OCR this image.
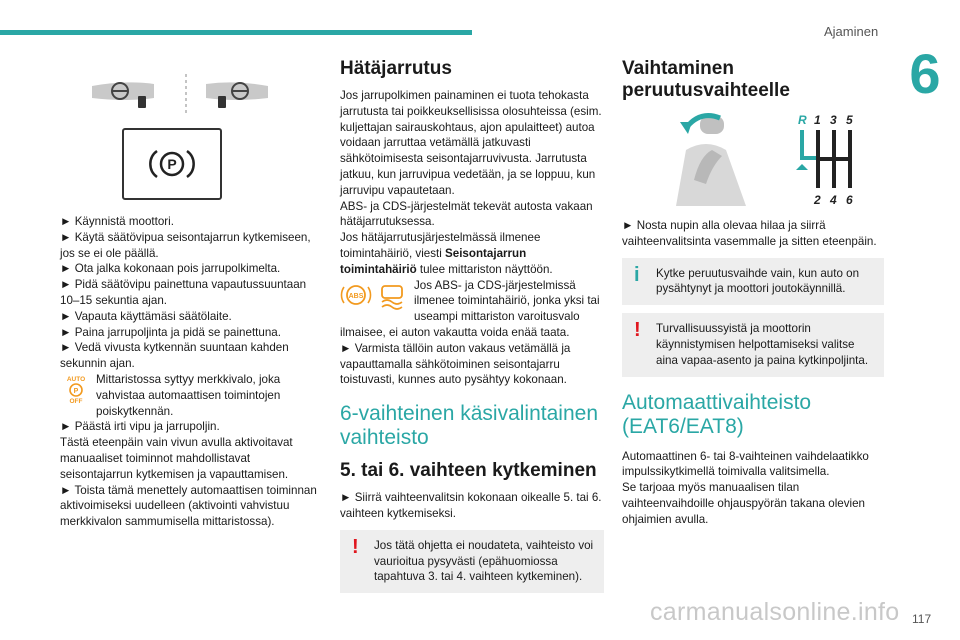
Ajaminen
6
P
► Käynnistä moottori.
► Käytä säätövipua seisontajarrun kytkemiseen, jos se ei ole päällä.
► Ota jalka kokonaan pois jarrupolkimelta.
► Pidä säätövipu painettuna vapautussuuntaan 10–15 sekuntia ajan.
► Vapauta käyttämäsi säätölaite.
► Paina jarrupoljinta ja pidä se painettuna.
► Vedä vivusta kytkennän suuntaan kahden sekunnin ajan.
AUTO
P
OFF
Mittaristossa syttyy merkkivalo, joka vahvistaa automaattisen toimintojen poiskytkennän.
► Päästä irti vipu ja jarrupoljin.
Tästä eteenpäin vain vivun avulla aktivoitavat manuaaliset toiminnot mahdollistavat seisontajarrun kytkemisen ja vapauttamisen.
► Toista tämä menettely automaattisen toiminnan aktivoimiseksi uudelleen (aktivointi vahvistuu merkkivalon sammumisella mittaristossa).
Hätäjarrutus
Jos jarrupolkimen painaminen ei tuota tehokasta jarrutusta tai poikkeuksellisissa olosuhteissa (esim. kuljettajan sairauskohtaus, ajon apulaitteet) autoa voidaan jarruttaa vetämällä jatkuvasti sähkötoimisesta seisontajarruvivusta. Jarrutusta jatkuu, kun jarruvipua vedetään, ja se loppuu, kun jarruvipu vapautetaan.
ABS- ja CDS-järjestelmät tekevät autosta vakaan hätäjarrutuksessa.
Jos hätäjarrutusjärjestelmässä ilmenee toimintahäiriö, viesti Seisontajarrun toimintahäiriö tulee mittariston näyttöön.
ABS
Jos ABS- ja CDS-järjestelmissä ilmenee toimintahäiriö, jonka yksi tai useampi mittariston varoitusvalo ilmaisee, ei auton vakautta voida enää taata.
► Varmista tällöin auton vakaus vetämällä ja vapauttamalla sähkötoiminen seisontajarru toistuvasti, kunnes auto pysähtyy kokonaan.
6-vaihteinen käsivalintainen vaihteisto
5. tai 6. vaihteen kytkeminen
► Siirrä vaihteenvalitsin kokonaan oikealle 5. tai 6. vaihteen kytkemiseksi.
! Jos tätä ohjetta ei noudateta, vaihteisto voi vaurioitua pysyvästi (epähuomiossa tapahtuva 3. tai 4. vaihteen kytkeminen).
Vaihtaminen peruutusvaihteelle
R 1 3 5
2 4 6
► Nosta nupin alla olevaa hilaa ja siirrä vaihteenvalitsinta vasemmalle ja sitten eteenpäin.
i Kytke peruutusvaihde vain, kun auto on pysähtynyt ja moottori joutokäynnillä.
! Turvallisuussyistä ja moottorin käynnistymisen helpottamiseksi valitse aina vapaa-asento ja paina kytkinpoljinta.
Automaattivaihteisto (EAT6/EAT8)
Automaattinen 6- tai 8-vaihteinen vaihdelaatikko impulssikytkimellä toimivalla valitsimella.
Se tarjoaa myös manuaalisen tilan vaihteenvaihdoille ohjauspyörän takana olevien ohjaimien avulla.
carmanualsonline.info 117
